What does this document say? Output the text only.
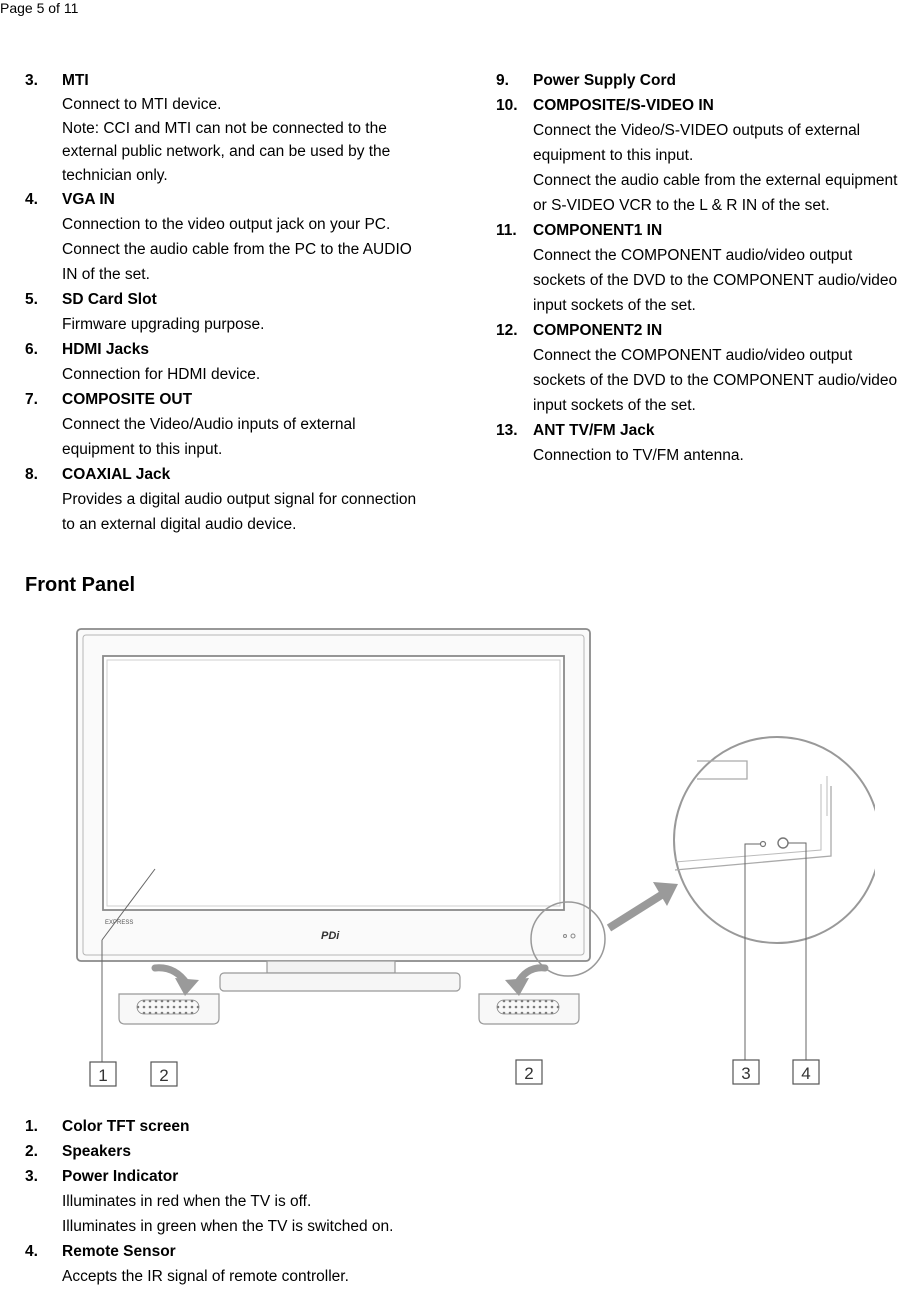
Page 5 of 11
3.	MTI

Connect to MTI device.

Note: CCI and MTI can not be connected to the

external public network, and can be used by the

technician only.

4.	VGA IN

Connection to the video output jack on your PC.

Connect the audio cable from the PC to the AUDIO

IN of the set.

5.	SD Card Slot

Firmware upgrading purpose.

6.	HDMI Jacks

Connection for HDMI device.

7.	COMPOSITE OUT

Connect the Video/Audio inputs of external

equipment to this input.

8.	COAXIAL Jack

Provides a digital audio output signal for connection

to an external digital audio device.

9.	Power Supply Cord
10. COMPOSITE/S-VIDEO IN

Connect the Video/S-VIDEO outputs of external

equipment to this input.

Connect the audio cable from the external equipment

or S-VIDEO VCR to the L & R IN of the set.

11.	COMPONENT1 IN

Connect the COMPONENT audio/video output

sockets of the DVD to the COMPONENT audio/video

input sockets of the set.

12. COMPONENT2 IN

Connect the COMPONENT audio/video output

sockets of the DVD to the COMPONENT audio/video

input sockets of the set.

13. ANT TV/FM Jack

Connection to TV/FM antenna.

Front Panel
EXPRESS
PDi
1	2	2	3	4
1.	Color TFT screen
2.	Speakers
3.	Power Indicator

Illuminates in red when the TV is off.

Illuminates in green when the TV is switched on.

4.	Remote Sensor

Accepts the IR signal of remote controller.
